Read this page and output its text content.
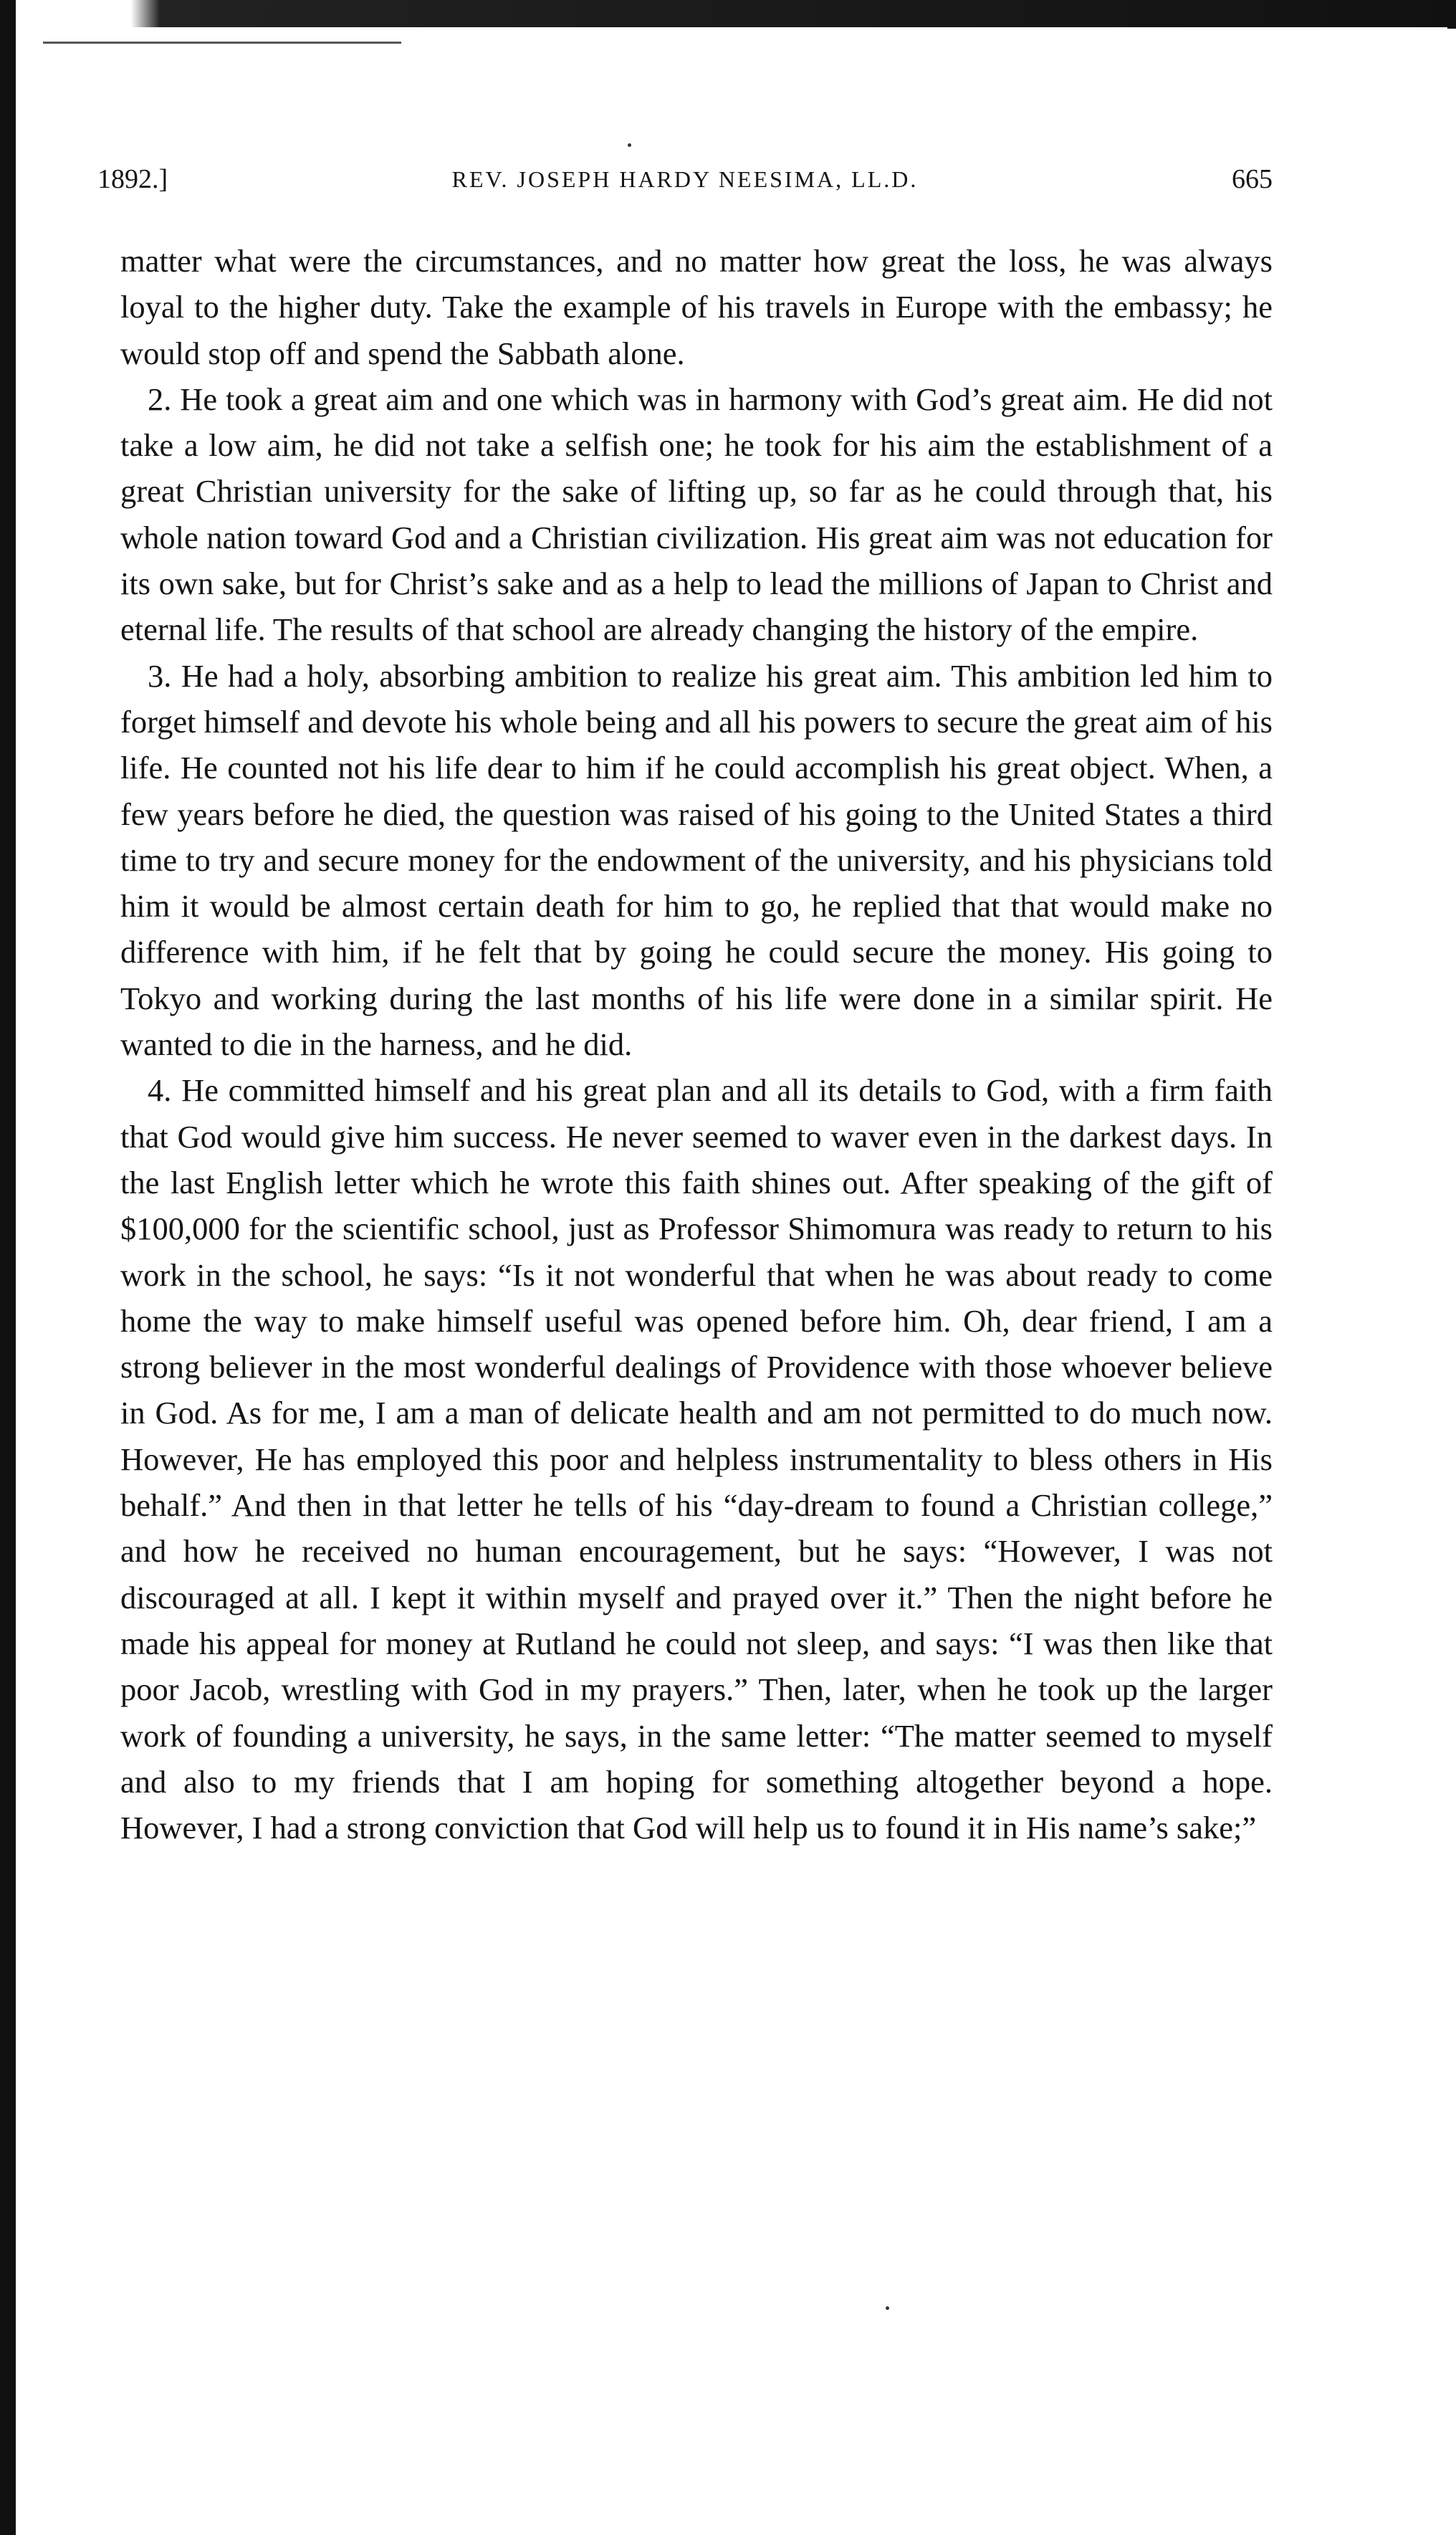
1892.]	REV. JOSEPH HARDY NEESIMA, LL.D.	665

matter what were the circumstances, and no matter how great the loss, he was always loyal to the higher duty. Take the example of his travels in Europe with the embassy; he would stop off and spend the Sabbath alone.

2. He took a great aim and one which was in harmony with God’s great aim. He did not take a low aim, he did not take a selfish one; he took for his aim the establishment of a great Christian university for the sake of lifting up, so far as he could through that, his whole nation toward God and a Christian civilization. His great aim was not education for its own sake, but for Christ’s sake and as a help to lead the millions of Japan to Christ and eternal life. The results of that school are already changing the history of the empire.

3. He had a holy, absorbing ambition to realize his great aim. This ambition led him to forget himself and devote his whole being and all his powers to secure the great aim of his life. He counted not his life dear to him if he could accomplish his great object. When, a few years before he died, the question was raised of his going to the United States a third time to try and secure money for the endowment of the university, and his physicians told him it would be almost certain death for him to go, he replied that that would make no difference with him, if he felt that by going he could secure the money. His going to Tokyo and working during the last months of his life were done in a similar spirit. He wanted to die in the harness, and he did.

4. He committed himself and his great plan and all its details to God, with a firm faith that God would give him success. He never seemed to waver even in the darkest days. In the last English letter which he wrote this faith shines out. After speaking of the gift of $100,000 for the scientific school, just as Professor Shimomura was ready to return to his work in the school, he says: “Is it not wonderful that when he was about ready to come home the way to make himself useful was opened before him. Oh, dear friend, I am a strong believer in the most wonderful dealings of Providence with those whoever believe in God. As for me, I am a man of delicate health and am not permitted to do much now. However, He has employed this poor and helpless instrumentality to bless others in His behalf.” And then in that letter he tells of his “day-dream to found a Christian college,” and how he received no human encouragement, but he says: “However, I was not discouraged at all. I kept it within myself and prayed over it.” Then the night before he made his appeal for money at Rutland he could not sleep, and says: “I was then like that poor Jacob, wrestling with God in my prayers.” Then, later, when he took up the larger work of founding a university, he says, in the same letter: “The matter seemed to myself and also to my friends that I am hoping for something altogether beyond a hope. However, I had a strong conviction that God will help us to found it in His name’s sake;”
